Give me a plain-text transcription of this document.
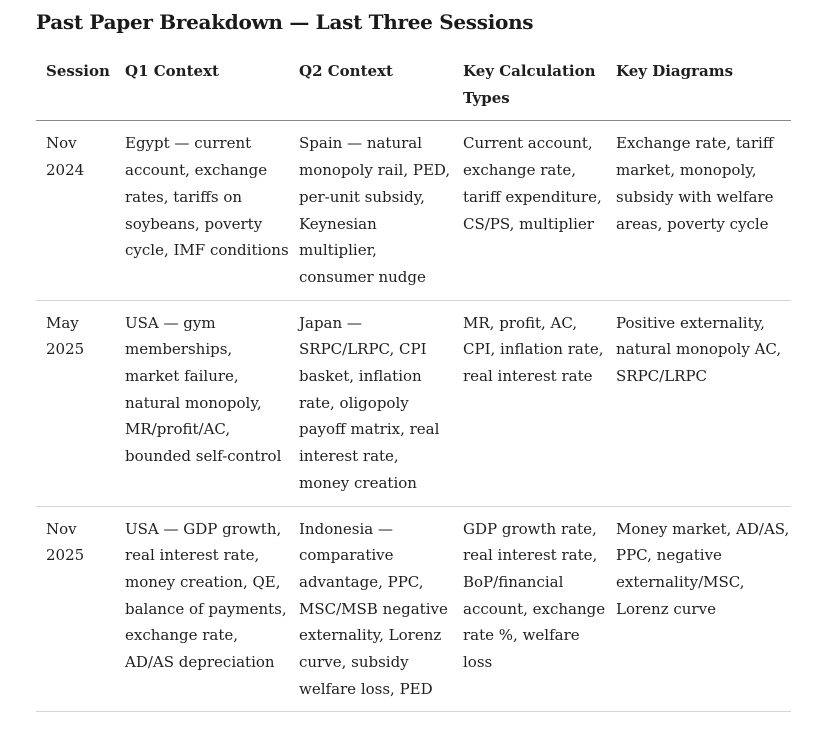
Past Paper Breakdown — Last Three Sessions
Session	Q1 Context	Q2 Context	Key Calculation Types	Key Diagrams
Nov 2024	Egypt — current account, exchange rates, tariffs on soybeans, poverty cycle, IMF conditions	Spain — natural monopoly rail, PED, per-unit subsidy, Keynesian multiplier, consumer nudge	Current account, exchange rate, tariff expenditure, CS/PS, multiplier	Exchange rate, tariff market, monopoly, subsidy with welfare areas, poverty cycle
May 2025	USA — gym memberships, market failure, natural monopoly, MR/profit/AC, bounded self-control	Japan — SRPC/LRPC, CPI basket, inflation rate, oligopoly payoff matrix, real interest rate, money creation	MR, profit, AC, CPI, inflation rate, real interest rate	Positive externality, natural monopoly AC, SRPC/LRPC
Nov 2025	USA — GDP growth, real interest rate, money creation, QE, balance of payments, exchange rate, AD/AS depreciation	Indonesia — comparative advantage, PPC, MSC/MSB negative externality, Lorenz curve, subsidy welfare loss, PED	GDP growth rate, real interest rate, BoP/financial account, exchange rate %, welfare loss	Money market, AD/AS, PPC, negative externality/MSC, Lorenz curve
